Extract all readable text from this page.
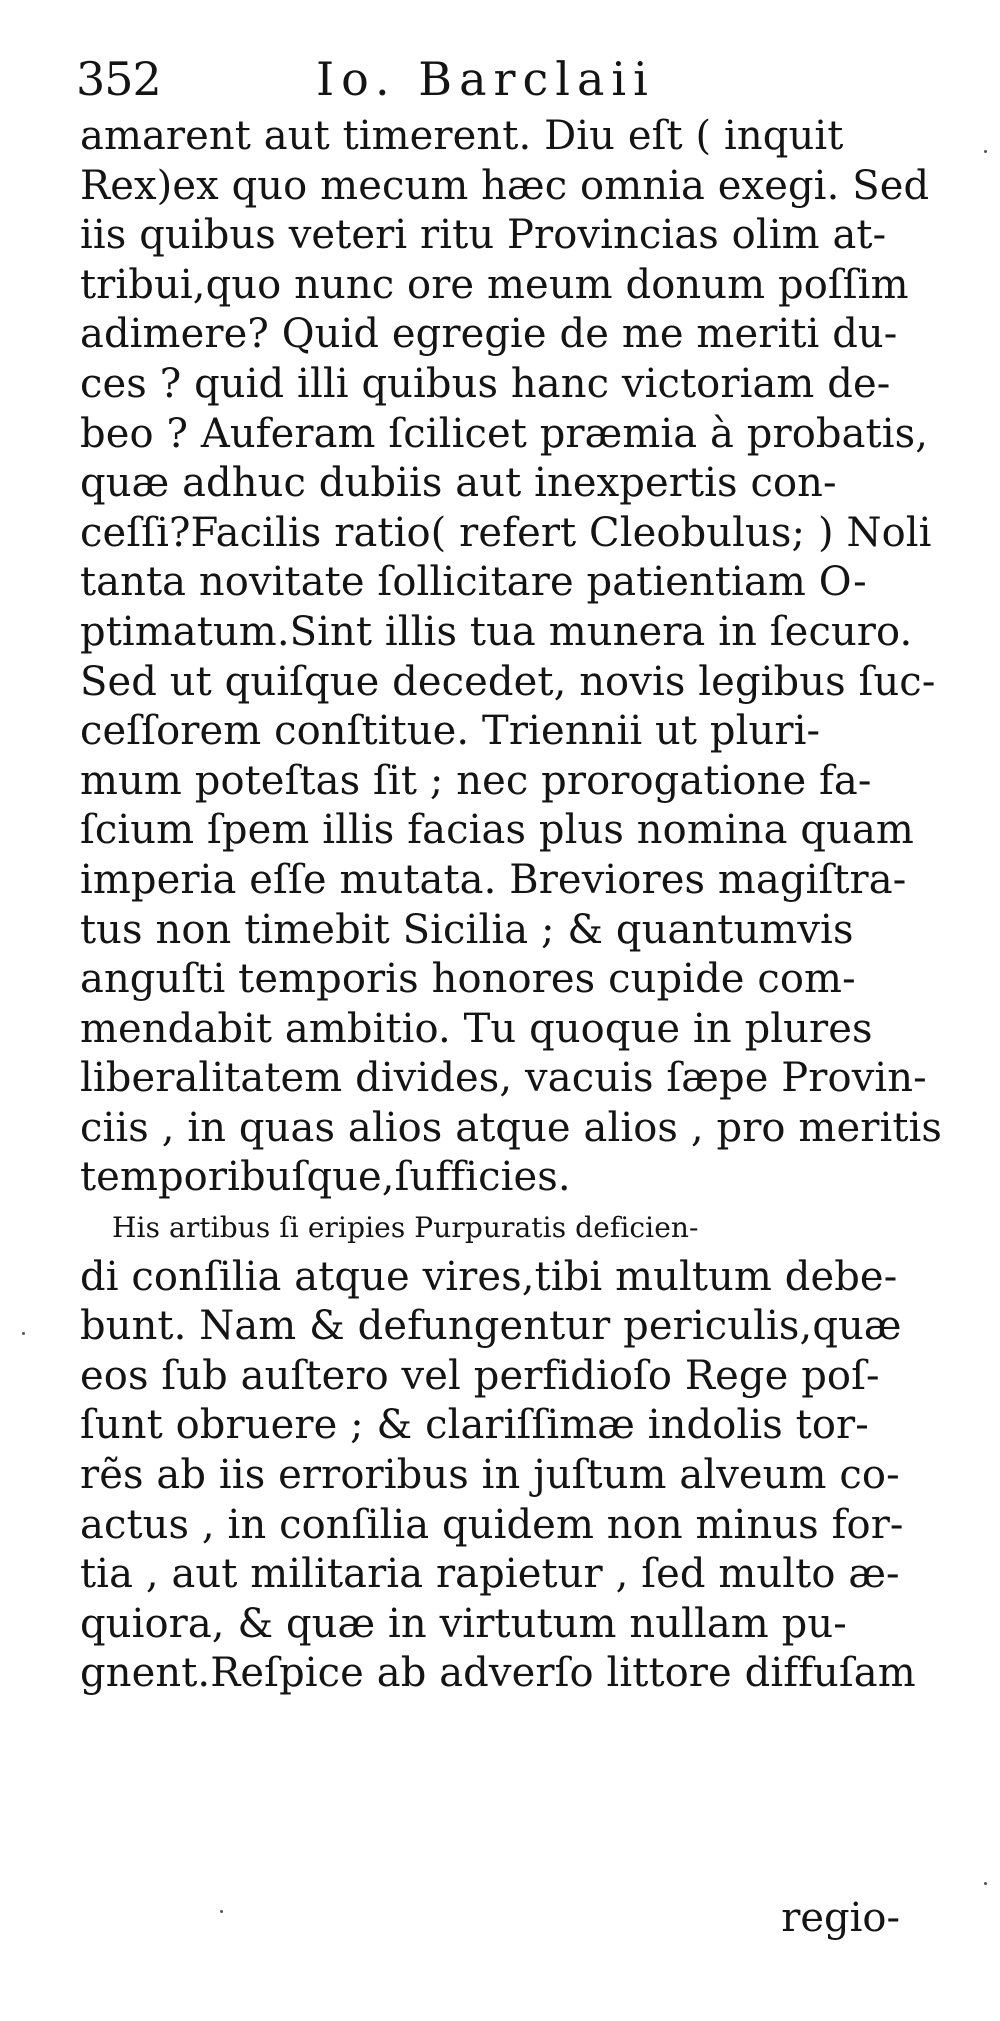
352	Io. Barclaii
amarent aut timerent. Diu eſt ( inquit
Rex)ex quo mecum hæc omnia exegi. Sed
iis quibus veteri ritu Provincias olim at-
tribui,quo nunc ore meum donum poſſim
adimere? Quid egregie de me meriti du-
ces ? quid illi quibus hanc victoriam de-
beo ? Auferam ſcilicet præmia à probatis,
quæ adhuc dubiis aut inexpertis con-
ceſſi?Facilis ratio( refert Cleobulus; ) Noli
tanta novitate ſollicitare patientiam O-
ptimatum.Sint illis tua munera in ſecuro.
Sed ut quiſque decedet, novis legibus ſuc-
ceſſorem conſtitue. Triennii ut pluri-
mum poteſtas ſit ; nec prorogatione fa-
ſcium ſpem illis facias plus nomina quam
imperia eſſe mutata. Breviores magiſtra-
tus non timebit Sicilia ; & quantumvis
anguſti temporis honores cupide com-
mendabit ambitio. Tu quoque in plures
liberalitatem divides, vacuis ſæpe Provin-
ciis , in quas alios atque alios , pro meritis
temporibuſque,ſufficies.
His artibus ſi eripies Purpuratis deficien-
di conſilia atque vires,tibi multum debe-
bunt. Nam & defungentur periculis,quæ
eos ſub auſtero vel perfidioſo Rege poſ-
ſunt obruere ; & clariſſimæ indolis tor-
rẽs ab iis erroribus in juſtum alveum co-
actus , in conſilia quidem non minus for-
tia , aut militaria rapietur , ſed multo æ-
quiora, & quæ in virtutum nullam pu-
gnent.Reſpice ab adverſo littore diffuſam
regio-
